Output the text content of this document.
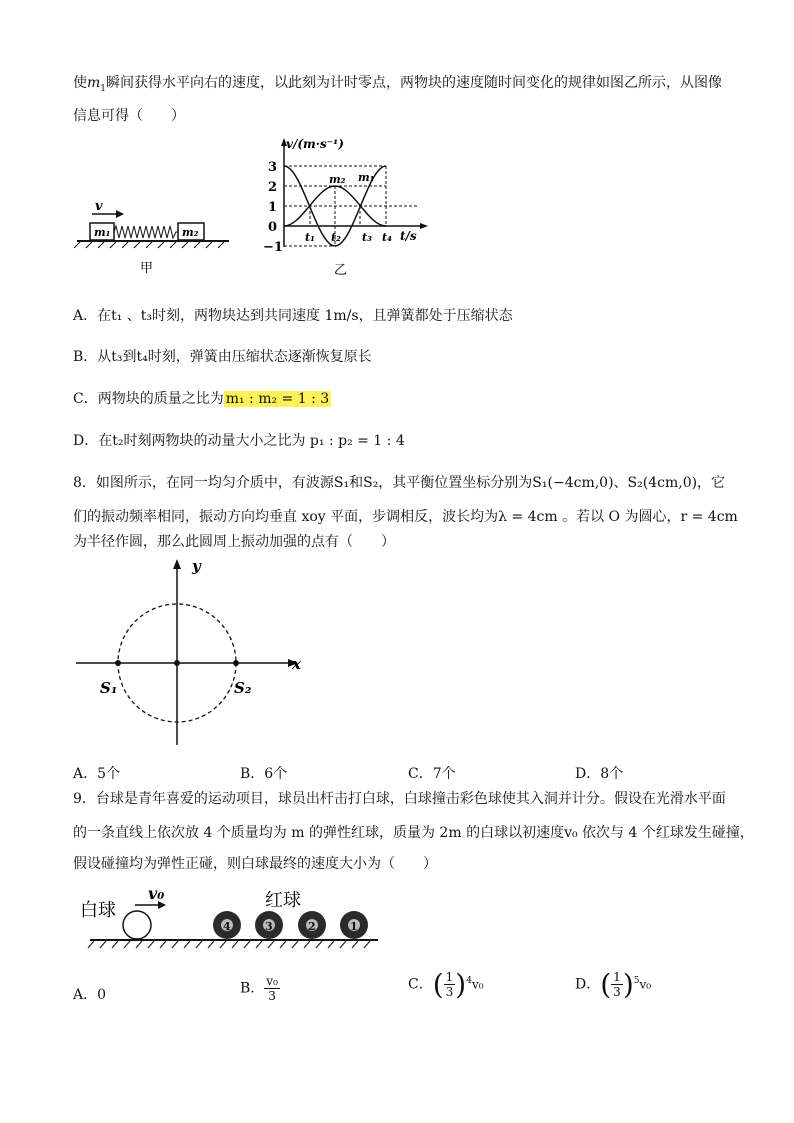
使$m_1$瞬间获得水平向右的速度，以此刻为计时零点，两物块的速度随时间变化的规律如图乙所示，从图像
信息可得（　　）
v
m₁	m₂
甲
v/(m·s⁻¹)
3
2
1
0
−1
t₁ t₂ t₃ t₄ t/s
m₂ m₁
乙
A．在t₁ 、t₃时刻，两物块达到共同速度 1m/s，且弹簧都处于压缩状态
B．从t₃到t₄时刻，弹簧由压缩状态逐渐恢复原长
C．两物块的质量之比为 m₁ : m₂ = 1 : 3
D．在t₂时刻两物块的动量大小之比为 p₁ : p₂ = 1 : 4
8．如图所示，在同一均匀介质中，有波源S₁和S₂，其平衡位置坐标分别为S₁(−4cm,0)、S₂(4cm,0)，它
们的振动频率相同，振动方向均垂直 xoy 平面，步调相反，波长均为λ = 4cm 。若以 O 为圆心，r = 4cm
为半径作圆，那么此圆周上振动加强的点有（　　）
y
x
S₁	S₂
A．5个	B．6个	C．7个	D．8个
9．台球是青年喜爱的运动项目，球员出杆击打白球，白球撞击彩色球使其入洞并计分。假设在光滑水平面
的一条直线上依次放 4 个质量均为 m 的弹性红球，质量为 2m 的白球以初速度v₀ 依次与 4 个红球发生碰撞，
假设碰撞均为弹性正碰，则白球最终的速度大小为（　　）
v₀
白球	红球
4	3	2	1
A．0	B． $\frac{\text{v₀}}{3}$	C．( $\frac{1}{3} )^4v_0$	D．( $\frac{1}{3} )^5v_0$
